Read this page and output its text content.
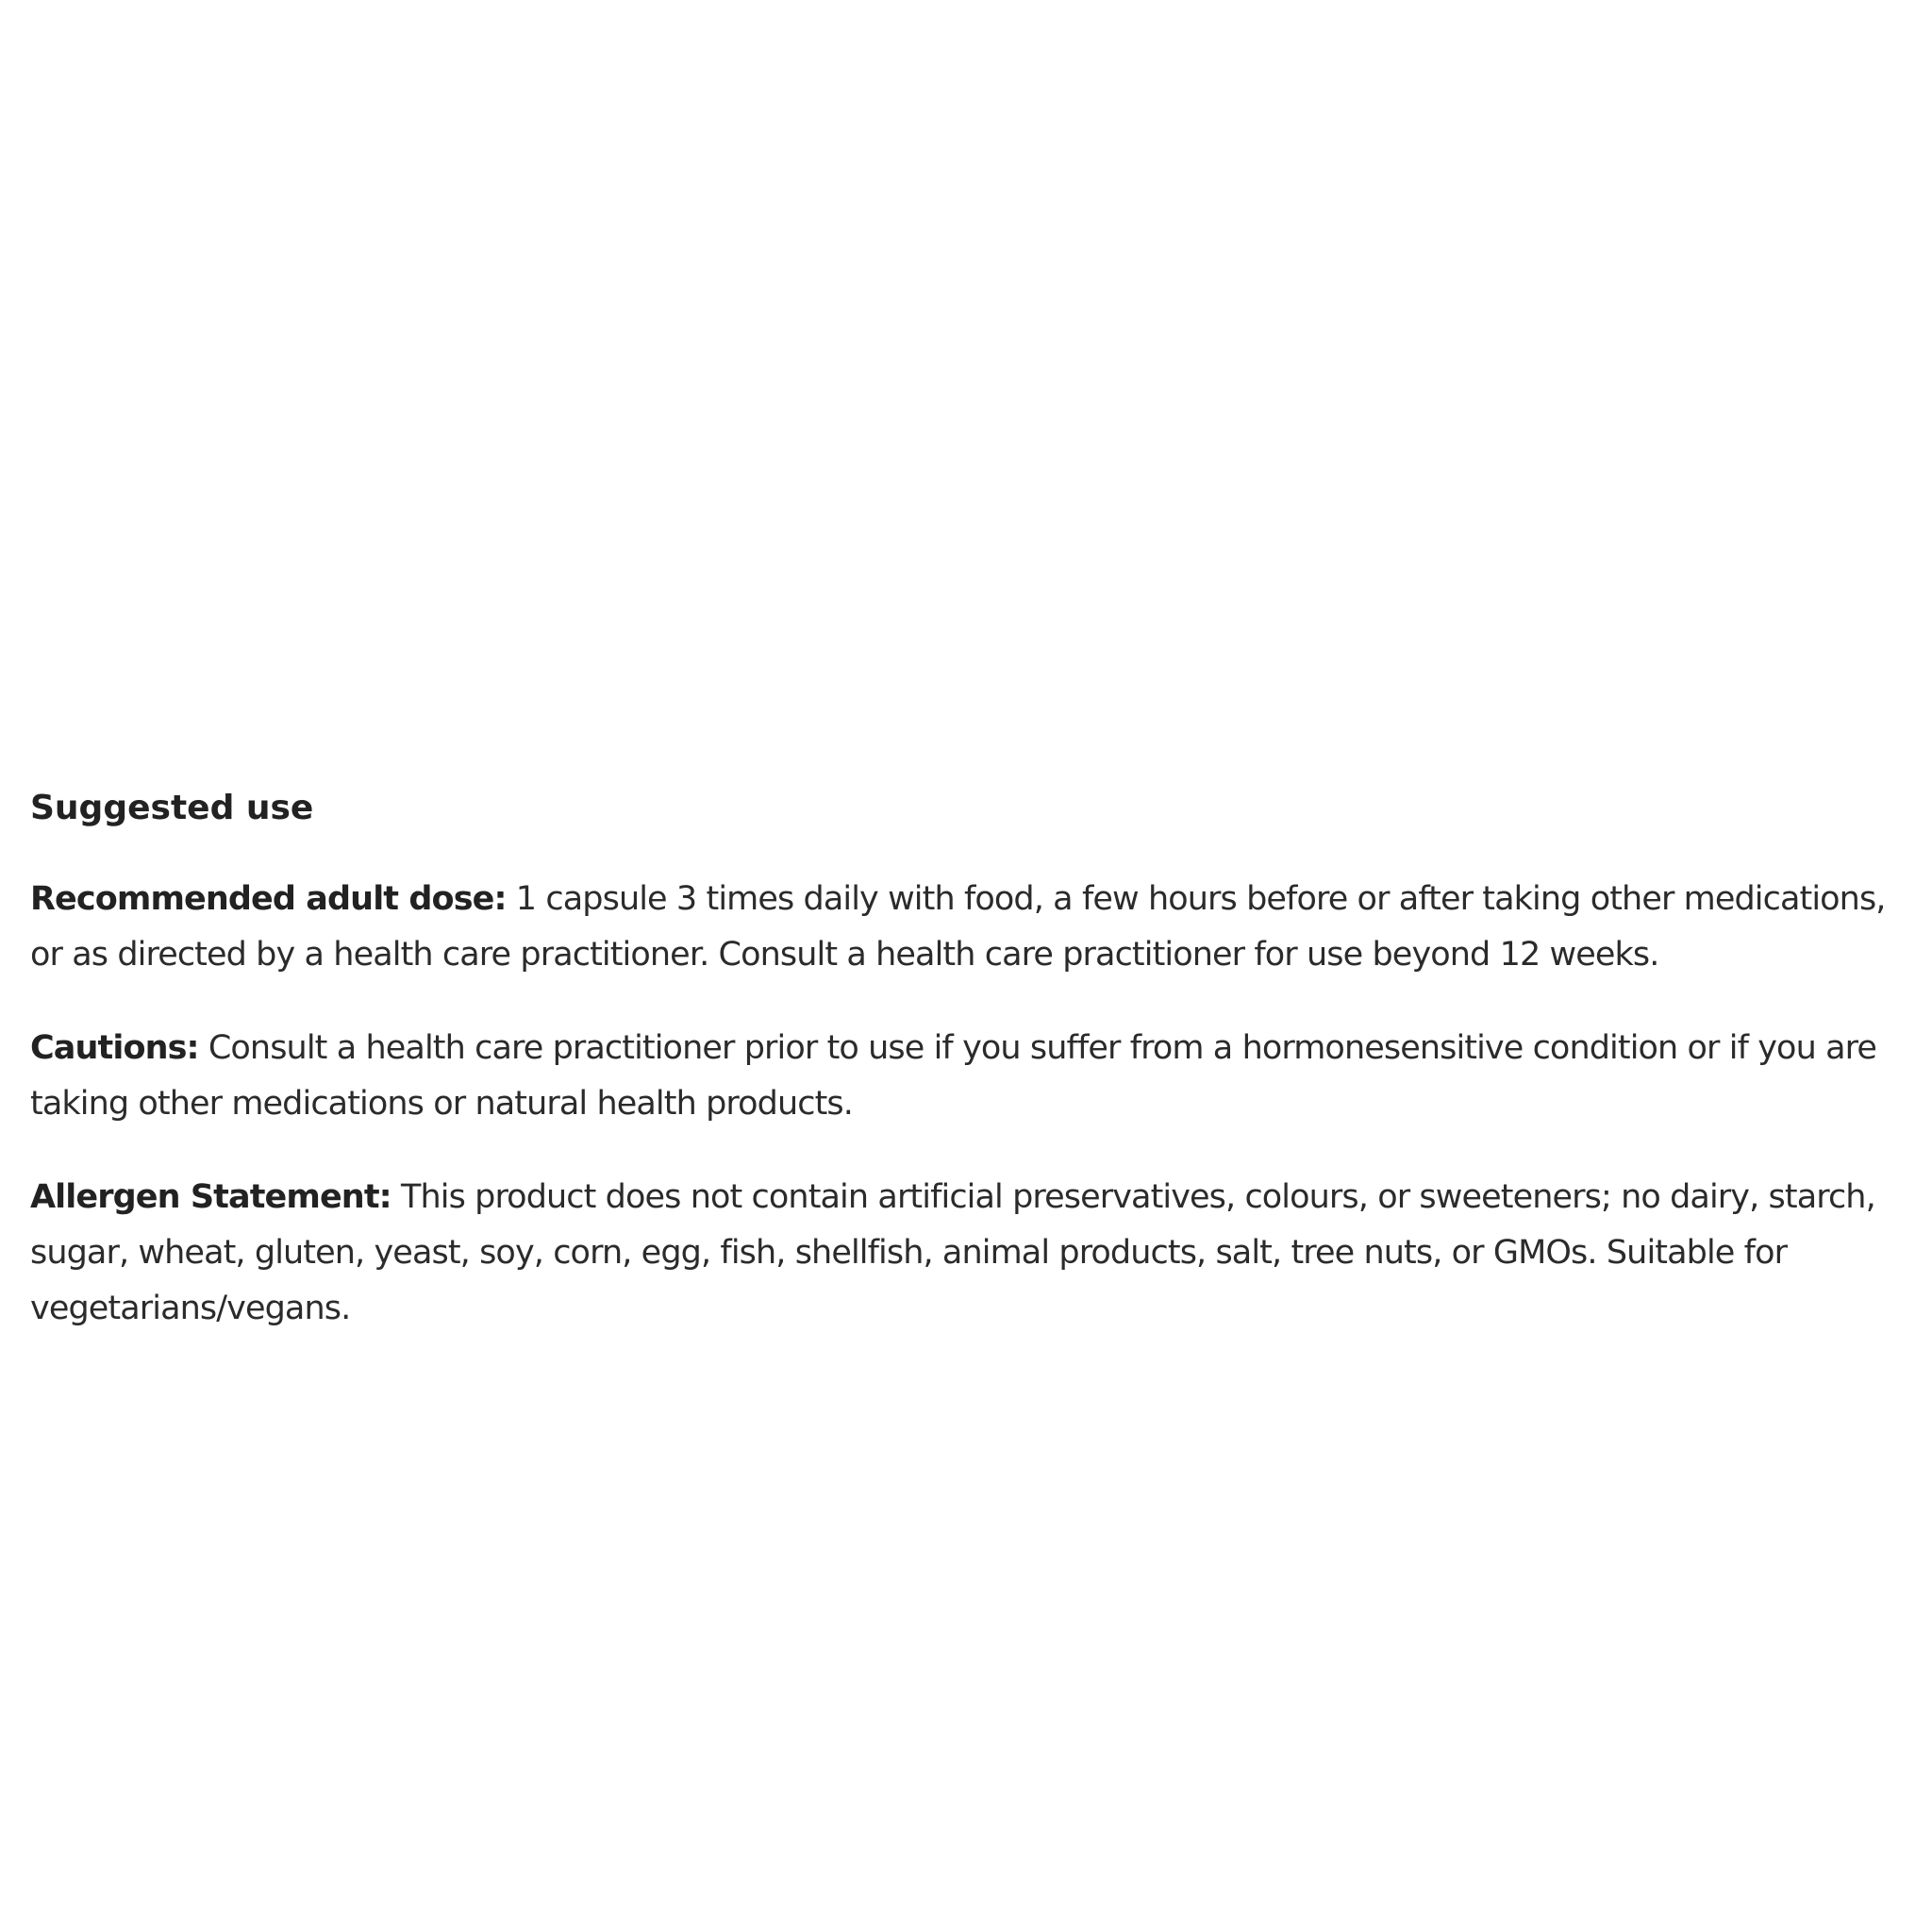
Suggested use

Recommended adult dose: 1 capsule 3 times daily with food, a few hours before or after taking other medications, or as directed by a health care practitioner. Consult a health care practitioner for use beyond 12 weeks.

Cautions: Consult a health care practitioner prior to use if you suffer from a hormonesensitive condition or if you are taking other medications or natural health products.

Allergen Statement: This product does not contain artificial preservatives, colours, or sweeteners; no dairy, starch, sugar, wheat, gluten, yeast, soy, corn, egg, fish, shellfish, animal products, salt, tree nuts, or GMOs. Suitable for vegetarians/vegans.
